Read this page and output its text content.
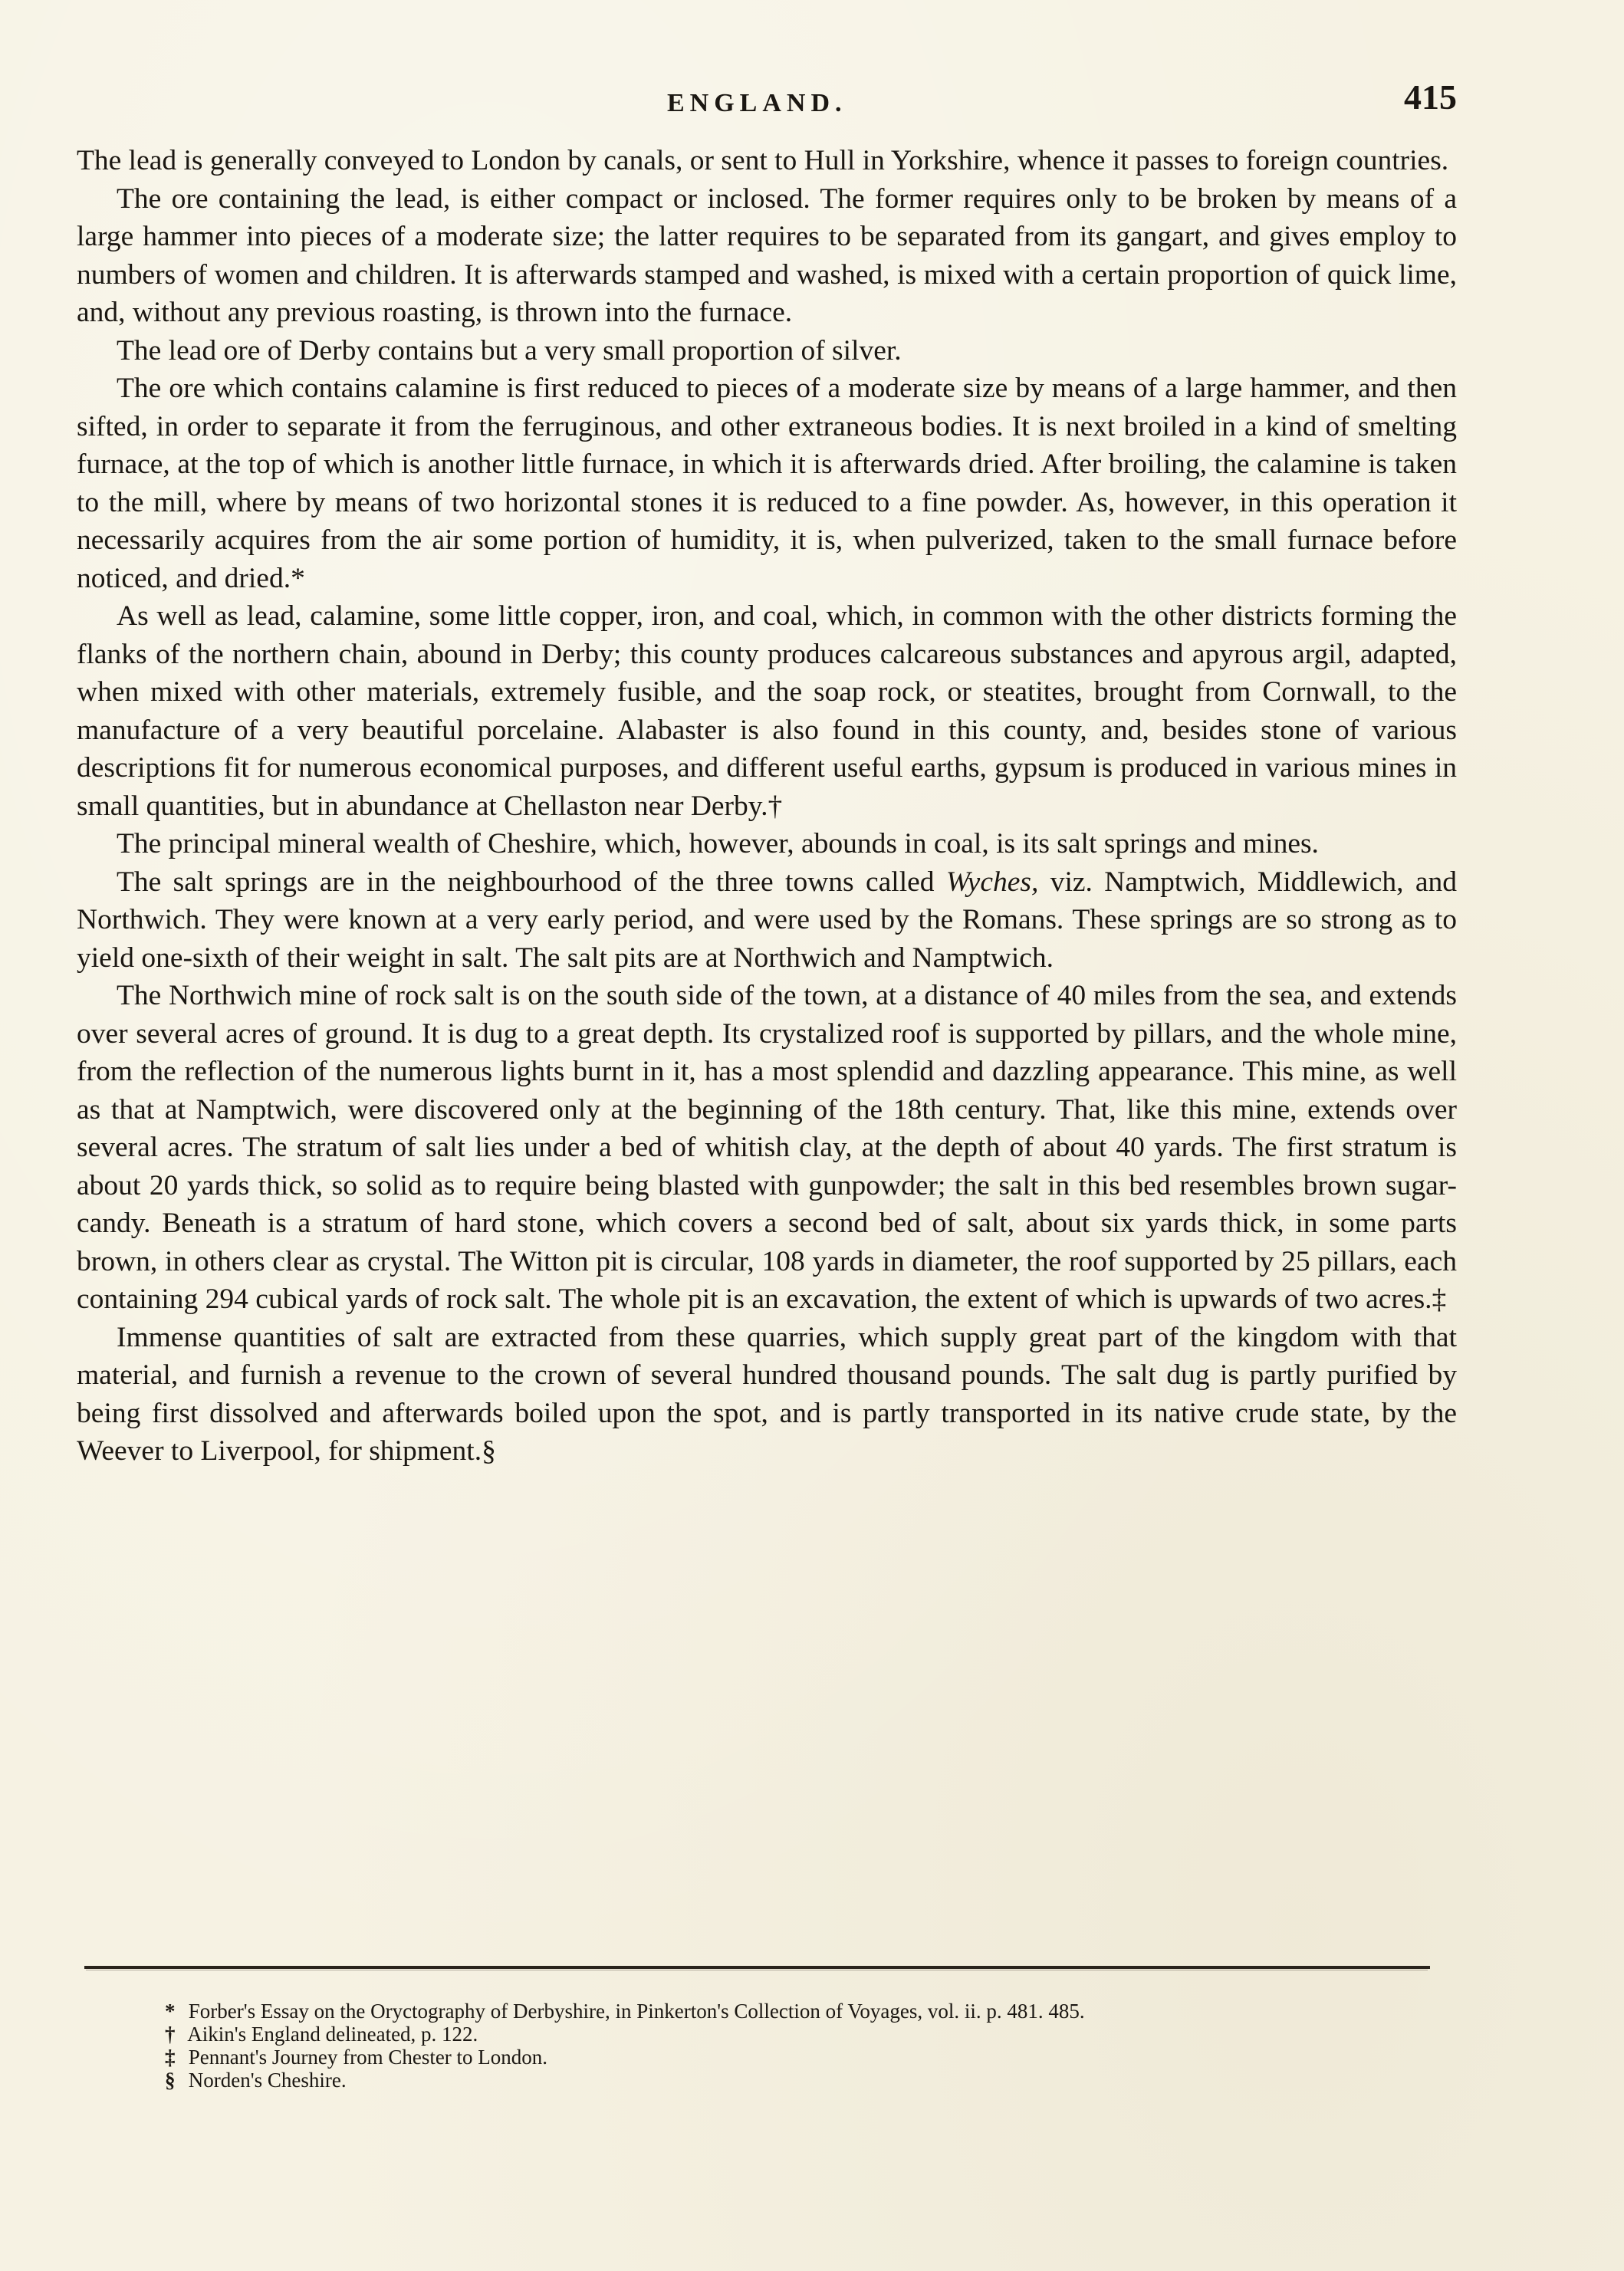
ENGLAND.	415

The lead is generally conveyed to London by canals, or sent to Hull in Yorkshire, whence it passes to foreign countries.

The ore containing the lead, is either compact or inclosed. The former requires only to be broken by means of a large hammer into pieces of a moderate size; the latter requires to be separated from its gangart, and gives employ to numbers of women and children. It is afterwards stamped and washed, is mixed with a certain proportion of quick lime, and, without any previous roasting, is thrown into the furnace.

The lead ore of Derby contains but a very small proportion of silver.

The ore which contains calamine is first reduced to pieces of a moderate size by means of a large hammer, and then sifted, in order to separate it from the ferruginous, and other extraneous bodies. It is next broiled in a kind of smelting furnace, at the top of which is another little furnace, in which it is afterwards dried. After broiling, the calamine is taken to the mill, where by means of two horizontal stones it is reduced to a fine powder. As, however, in this operation it necessarily acquires from the air some portion of humidity, it is, when pulverized, taken to the small furnace before noticed, and dried.*

As well as lead, calamine, some little copper, iron, and coal, which, in common with the other districts forming the flanks of the northern chain, abound in Derby; this county produces calcareous substances and apyrous argil, adapted, when mixed with other materials, extremely fusible, and the soap rock, or steatites, brought from Cornwall, to the manufacture of a very beautiful porcelaine. Alabaster is also found in this county, and, besides stone of various descriptions fit for numerous economical purposes, and different useful earths, gypsum is produced in various mines in small quantities, but in abundance at Chellaston near Derby.†

The principal mineral wealth of Cheshire, which, however, abounds in coal, is its salt springs and mines.

The salt springs are in the neighbourhood of the three towns called Wyches, viz. Namptwich, Middlewich, and Northwich. They were known at a very early period, and were used by the Romans. These springs are so strong as to yield one-sixth of their weight in salt. The salt pits are at Northwich and Namptwich.

The Northwich mine of rock salt is on the south side of the town, at a distance of 40 miles from the sea, and extends over several acres of ground. It is dug to a great depth. Its crystalized roof is supported by pillars, and the whole mine, from the reflection of the numerous lights burnt in it, has a most splendid and dazzling appearance. This mine, as well as that at Namptwich, were discovered only at the beginning of the 18th century. That, like this mine, extends over several acres. The stratum of salt lies under a bed of whitish clay, at the depth of about 40 yards. The first stratum is about 20 yards thick, so solid as to require being blasted with gunpowder; the salt in this bed resembles brown sugar-candy. Beneath is a stratum of hard stone, which covers a second bed of salt, about six yards thick, in some parts brown, in others clear as crystal. The Witton pit is circular, 108 yards in diameter, the roof supported by 25 pillars, each containing 294 cubical yards of rock salt. The whole pit is an excavation, the extent of which is upwards of two acres.‡

Immense quantities of salt are extracted from these quarries, which supply great part of the kingdom with that material, and furnish a revenue to the crown of several hundred thousand pounds. The salt dug is partly purified by being first dissolved and afterwards boiled upon the spot, and is partly transported in its native crude state, by the Weever to Liverpool, for shipment.§

* Forber's Essay on the Oryctography of Derbyshire, in Pinkerton's Collection of Voyages, vol. ii. p. 481. 485.

† Aikin's England delineated, p. 122.

‡ Pennant's Journey from Chester to London.

§ Norden's Cheshire.
